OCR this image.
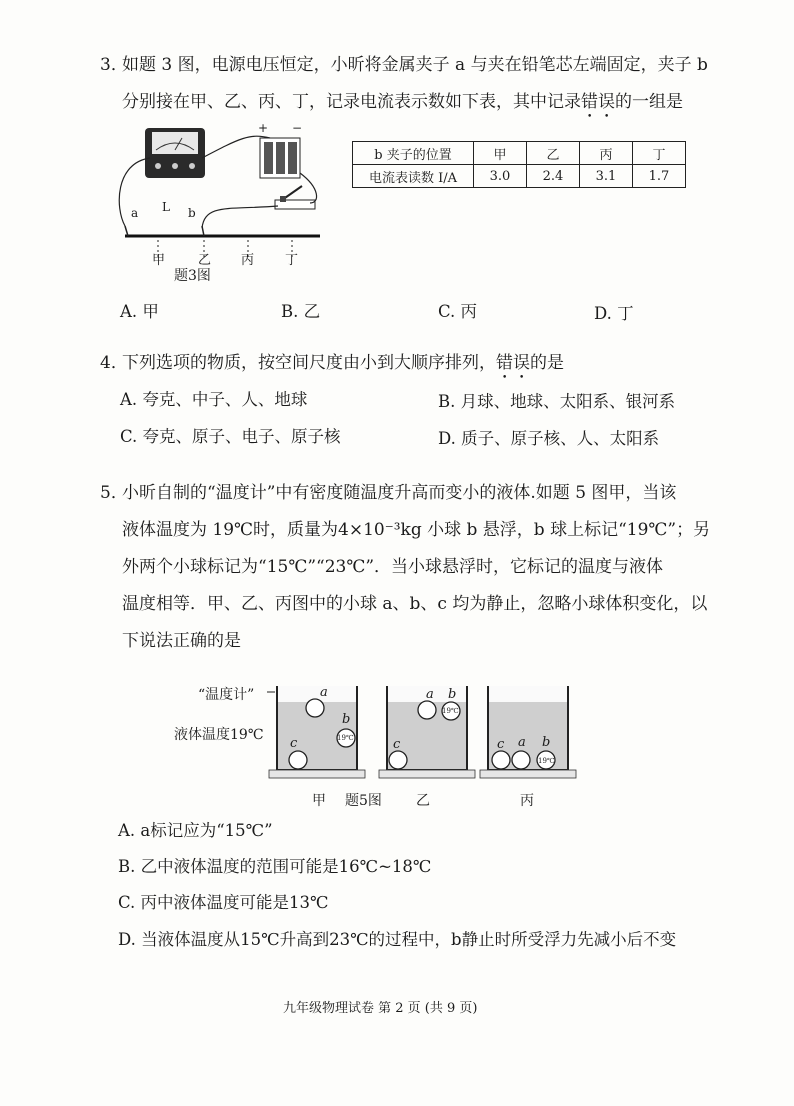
3．
如题 3 图，电源电压恒定，小昕将金属夹子 a 与夹在铅笔芯左端固定，夹子 b
分别接在甲、乙、丙、丁，记录电流表示数如下表，其中记录错误的一组是
+ −
L
a	b
甲	乙 丙 丁
题3图
b 夹子的位置	甲	乙	丙	丁
电流表读数 I/A	3.0	2.4	3.1	1.7
A. 甲	B. 乙	C. 丙	D. 丁
4．
下列选项的物质，按空间尺度由小到大顺序排列，错误的是
A. 夸克、中子、人、地球	B. 月球、地球、太阳系、银河系
C. 夸克、原子、电子、原子核	D. 质子、原子核、人、太阳系
5．
小昕自制的“温度计”中有密度随温度升高而变小的液体.如题 5 图甲，当该
液体温度为 19℃时，质量为4×10⁻³kg 小球 b 悬浮，b 球上标记“19℃”；另
外两个小球标记为“15℃”“23℃”．当小球悬浮时，它标记的温度与液体
温度相等．甲、乙、丙图中的小球 a、b、c 均为静止，忽略小球体积变化，以
下说法正确的是
“温度计”
液体温度19℃
a
b
c	19℃
a b
c
19℃
c a b
19℃
甲 题5图 乙	丙
A. a标记应为“15℃”
B. 乙中液体温度的范围可能是16℃~18℃
C. 丙中液体温度可能是13℃
D. 当液体温度从15℃升高到23℃的过程中，b静止时所受浮力先减小后不变
九年级物理试卷 第 2 页 (共 9 页)
